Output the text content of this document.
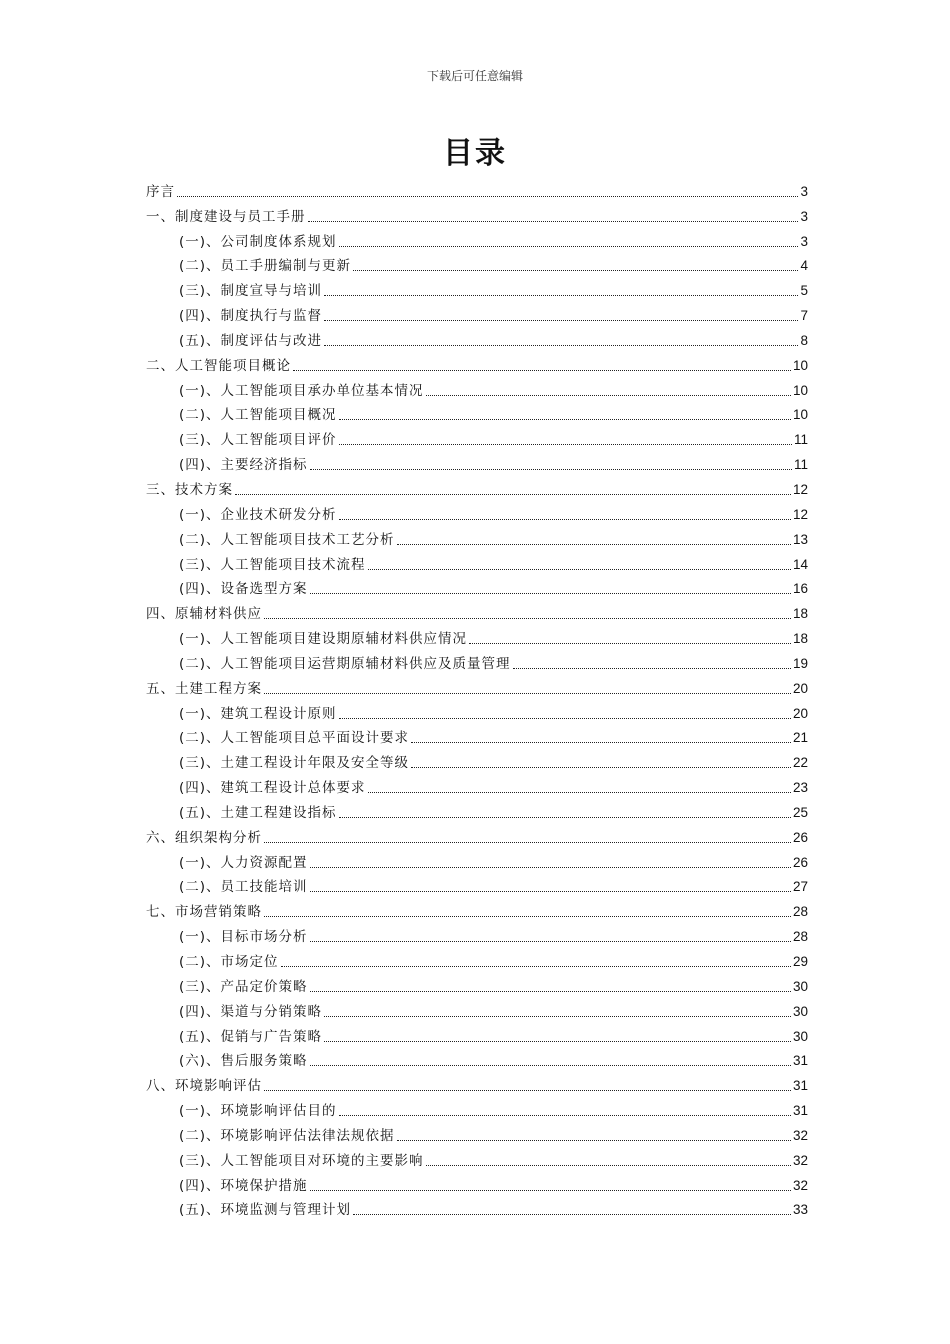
下载后可任意编辑
目录
序言	3
一、制度建设与员工手册	3
(一)、公司制度体系规划	3
(二)、员工手册编制与更新	4
(三)、制度宣导与培训	5
(四)、制度执行与监督	7
(五)、制度评估与改进	8
二、人工智能项目概论	10
(一)、人工智能项目承办单位基本情况	10
(二)、人工智能项目概况	10
(三)、人工智能项目评价	11
(四)、主要经济指标	11
三、技术方案	12
(一)、企业技术研发分析	12
(二)、人工智能项目技术工艺分析	13
(三)、人工智能项目技术流程	14
(四)、设备选型方案	16
四、原辅材料供应	18
(一)、人工智能项目建设期原辅材料供应情况	18
(二)、人工智能项目运营期原辅材料供应及质量管理	19
五、土建工程方案	20
(一)、建筑工程设计原则	20
(二)、人工智能项目总平面设计要求	21
(三)、土建工程设计年限及安全等级	22
(四)、建筑工程设计总体要求	23
(五)、土建工程建设指标	25
六、组织架构分析	26
(一)、人力资源配置	26
(二)、员工技能培训	27
七、市场营销策略	28
(一)、目标市场分析	28
(二)、市场定位	29
(三)、产品定价策略	30
(四)、渠道与分销策略	30
(五)、促销与广告策略	30
(六)、售后服务策略	31
八、环境影响评估	31
(一)、环境影响评估目的	31
(二)、环境影响评估法律法规依据	32
(三)、人工智能项目对环境的主要影响	32
(四)、环境保护措施	32
(五)、环境监测与管理计划	33
